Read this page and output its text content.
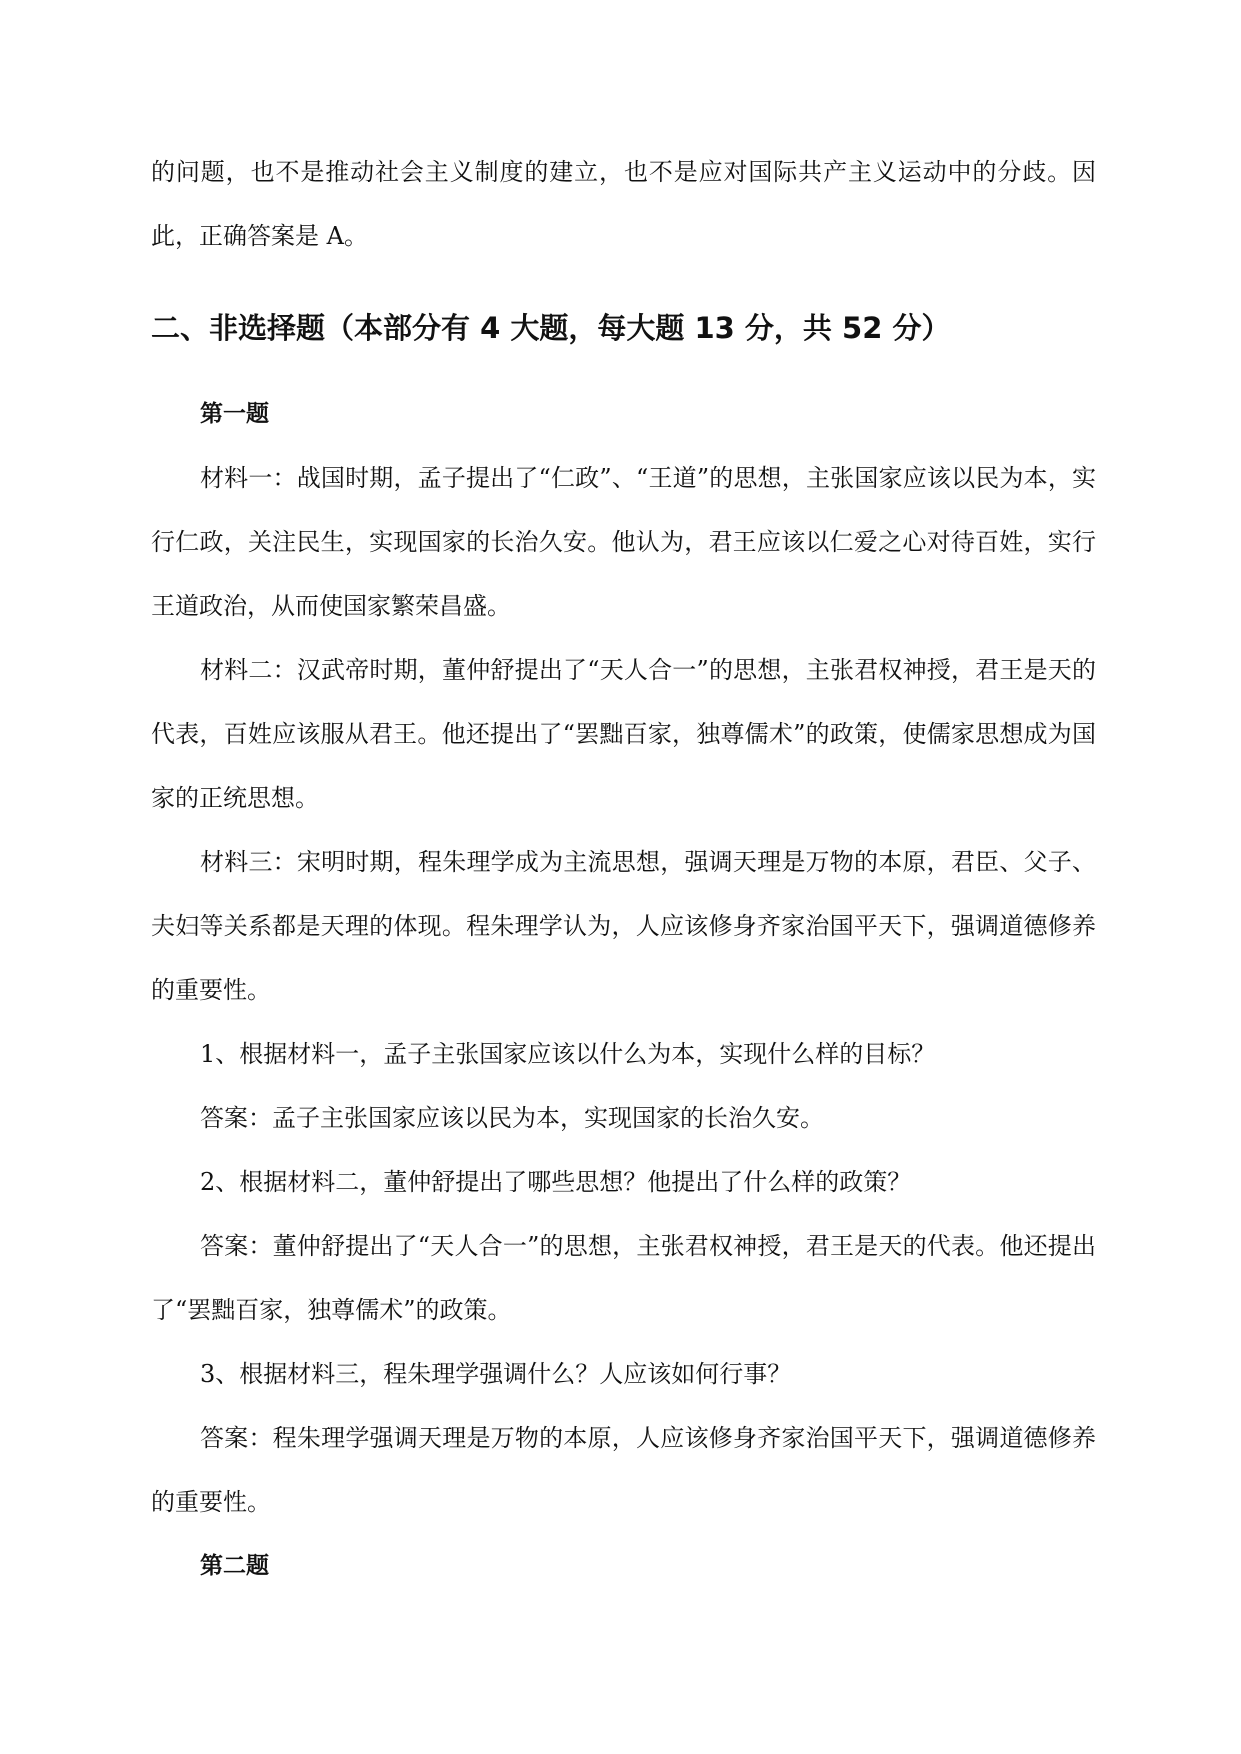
的问题，也不是推动社会主义制度的建立，也不是应对国际共产主义运动中的分歧。因此，正确答案是 A。

二、非选择题（本部分有 4 大题，每大题 13 分，共 52 分）
第一题

材料一：战国时期，孟子提出了“仁政”、“王道”的思想，主张国家应该以民为本，实行仁政，关注民生，实现国家的长治久安。他认为，君王应该以仁爱之心对待百姓，实行王道政治，从而使国家繁荣昌盛。

材料二：汉武帝时期，董仲舒提出了“天人合一”的思想，主张君权神授，君王是天的代表，百姓应该服从君王。他还提出了“罢黜百家，独尊儒术”的政策，使儒家思想成为国家的正统思想。

材料三：宋明时期，程朱理学成为主流思想，强调天理是万物的本原，君臣、父子、夫妇等关系都是天理的体现。程朱理学认为，人应该修身齐家治国平天下，强调道德修养的重要性。

1、根据材料一，孟子主张国家应该以什么为本，实现什么样的目标？

答案：孟子主张国家应该以民为本，实现国家的长治久安。

2、根据材料二，董仲舒提出了哪些思想？他提出了什么样的政策？

答案：董仲舒提出了“天人合一”的思想，主张君权神授，君王是天的代表。他还提出了“罢黜百家，独尊儒术”的政策。

3、根据材料三，程朱理学强调什么？人应该如何行事？

答案：程朱理学强调天理是万物的本原，人应该修身齐家治国平天下，强调道德修养的重要性。

第二题
